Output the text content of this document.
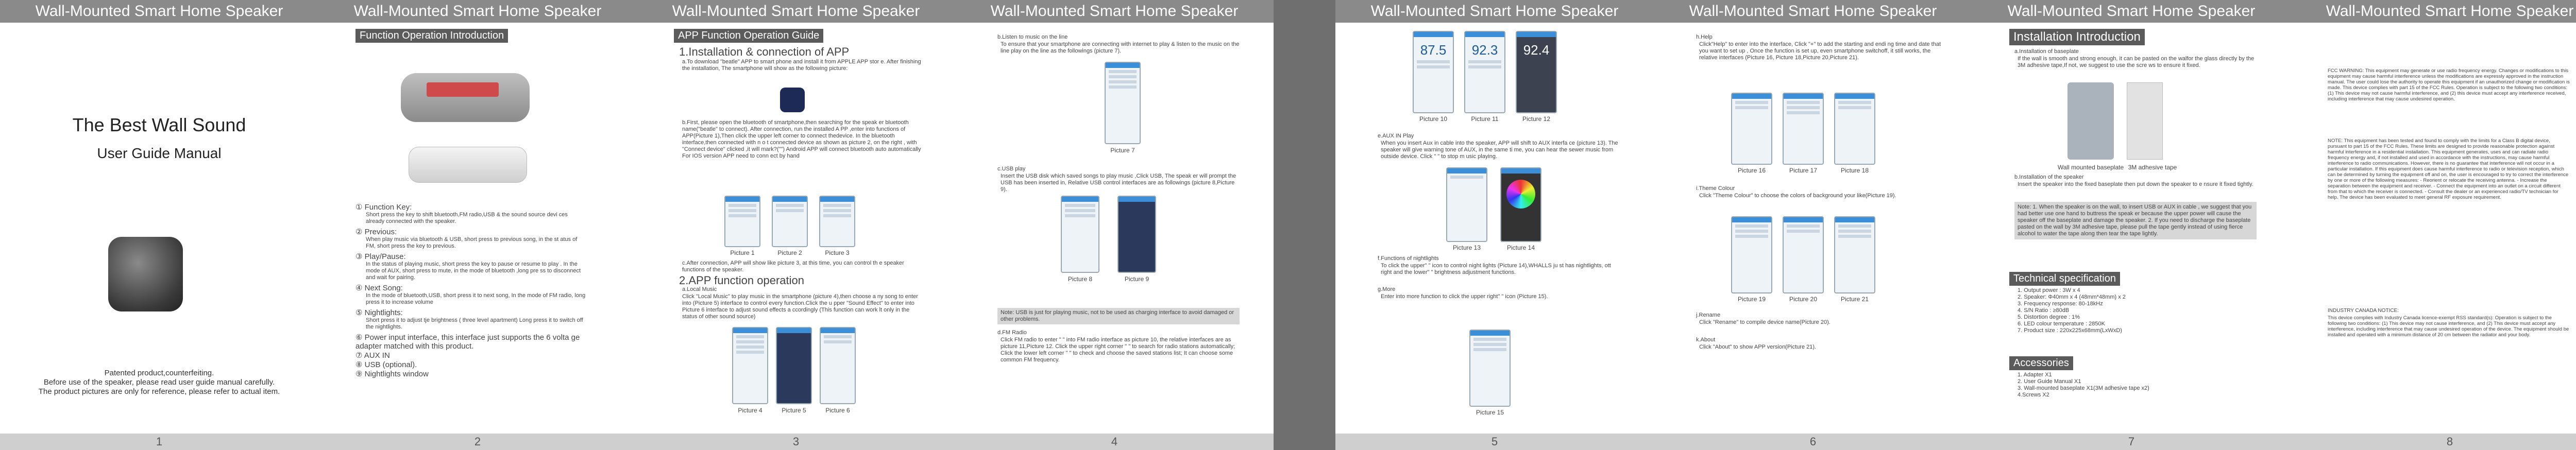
Wall-Mounted Smart Home Speaker
The Best Wall Sound
User Guide Manual
Patented product,counterfeiting.
Before use of the speaker, please read user guide manual carefully.
The product pictures are only for reference, please refer to actual item.
1
Wall-Mounted Smart Home Speaker
Function Operation Introduction
① Function Key:
Short press the key to shift bluetooth,FM radio,USB & the sound source devi ces already connected with the speaker.
② Previous:
When play music via bluetooth & USB, short press to previous song, in the st atus of FM, short press the key to previous.
③ Play/Pause:
In the status of playing music, short press the key to pause or resume to play . In the mode of AUX, short press to mute, in the mode of bluetooth ,long pre ss to disconnect and wait for pairing.
④ Next Song:
In the mode of bluetooth,USB, short press it to next song, In the mode of FM radio, long press it to increase volume
⑤ Nightlights:
Short press it to adjust tje brightness ( three level apartment) Long press it to switch off the nightlights.
⑥ Power input interface, this interface just supports the 6 volta ge adapter matched with this product.
⑦ AUX IN
⑧ USB (optional).
⑨ Nightlights window
2
Wall-Mounted Smart Home Speaker
APP Function Operation Guide
1.Installation & connection of APP
a.To download "beatle" APP to smart phone and install it from APPLE APP stor e. After finishing the installation, The smartphone will show as the following picture:
b.First, please open the bluetooth of smartphone,then searching for the speak er bluetooth name("beatle" to connect). After connection, run the installed A PP ,enter into functions of APP(Picture 1),Then click the upper left corner to connect thedevice. In the bluetooth interface,then connected with n o t connected device as shown as picture 2, on the right , with "Connect device" clicked ,it will mark?("") Android APP will connect bluetooth auto automatically For IOS version APP need to conn ect by hand
Picture 1	Picture 2	Picture 3
c.After connection, APP will show like picture 3, at this time, you can control th e speaker functions of the speaker.
2.APP function operation
a.Local Music
Click "Local Music" to play music in the smartphone (picture 4),then choose a ny song to enter into (Picture 5) interface to control every function.Click the u pper "Sound Effect" to enter into Picture 6 interface to adjust sound effects a ccordingly (This function can work lt only in the status of other sound source)
Picture 4	Picture 5	Picture 6
3
Wall-Mounted Smart Home Speaker
b.Listen to music on the line
To ensure that your smartphone are connecting with internet to play & listen to the music on the line play on the line as the followings (picture 7).
Picture 7
c.USB play
Insert the USB disk which saved songs to play music ,Click USB, The speak er will prompt the USB has been inserted in, Relative USB control interfaces are as followings (picture 8,Picture 9).
Picture 8	Picture 9
Note: USB is just for playing music, not to be used as charging interface to avoid damaged or other problems.
d.FM Radio
Click FM radio to enter " " into FM radio interface as picture 10, the relative interfaces are as picture 11,Picture 12. Click the upper right corner " " to search for radio stations automatically; Click the lower left corner " " to check and choose the saved stations list; It can choose some common FM frequency.
4
Wall-Mounted Smart Home Speaker
87.5	92.3	92.4
Picture 10	Picture 11	Picture 12
e.AUX IN Play
When you insert Aux in cable into the speaker, APP will shift to AUX interfa ce (picture 13). The speaker will give warning tone of AUX, in the same ti me, you can hear the sewer music from outside device. Click " " to stop m usic playing.
Picture 13	Picture 14
f.Functions of nightlights
To click the upper" " icon to control night lights (Picture 14),WHALLS ju st has nightlights, ott right and the lower" " brightness adjustment functions.
g.More
Enter into more function to click the upper right" " icon (Picture 15).
Picture 15
5
Wall-Mounted Smart Home Speaker
h.Help
Click"Help" to enter into the interface, Click "+" to add the starting and endi ng time and date that you want to set up , Once the function is set up, even smartphone switchoff, it still works, the relative interfaces (Picture 16, Picture 18,Picture 20,Picture 21).
Picture 16	Picture 17	Picture 18
i.Theme Colour
Click "Theme Colour" to choose the colors of background your like(Picture 19).
Picture 19	Picture 20	Picture 21
j.Rename
Click "Rename" to compile device name(Picture 20).
k.About
Click "About" to show APP version(Picture 21).
6
Wall-Mounted Smart Home Speaker
Installation Introduction
a.Installation of baseplate
If the wall is smooth and strong enough, it can be pasted on the walfor the glass directly by the 3M adhesive tape,If not, we suggest to use the scre ws to ensure it fixed.
Wall mounted baseplate 3M adhesive tape
b.Installation of the speaker
Insert the speaker into the fixed baseplate then put down the speaker to e nsure it fixed tightly.
Note: 1. When the speaker is on the wall, to insert USB or AUX in cable , we suggest that you had better use one hand to buttress the speak er because the upper power will cause the speaker off the baseplate and damage the speaker. 2. If you need to discharge the baseplate pasted on the wall by 3M adhesive tape, please pull the tape gently instead of using fierce alcohol to water the tape along then tear the tape lightly.
Technical specification
1. Output power : 3W x 4
2. Speaker: Φ40mm x 4 (48mm*48mm) x 2
3. Frequency response: 80-18kHz
4. S/N Ratio : ≥80dB
5. Distortion degree : 1%
6. LED colour temperature : 2850K
7. Product size : 220x225x68mm(LxWxD)
Accessories
1. Adapter X1
2. User Guide Manual X1
3. Wall-mounted baseplate X1(3M adhesive tape x2)
4.Screws X2
7
Wall-Mounted Smart Home Speaker
FCC WARNING: This equipment may generate or use radio frequency energy. Changes or modifications to this equipment may cause harmful interference unless the modifications are expressly approved in the instruction manual. The user could lose the authority to operate this equipment if an unauthorized change or modification is made. This device complies with part 15 of the FCC Rules. Operation is subject to the following two conditions: (1) This device may not cause harmful interference, and (2) this device must accept any interference received, including interference that may cause undesired operation.
NOTE: This equipment has been tested and found to comply with the limits for a Class B digital device, pursuant to part 15 of the FCC Rules. These limits are designed to provide reasonable protection against harmful interference in a residential installation. This equipment generates, uses and can radiate radio frequency energy and, if not installed and used in accordance with the instructions, may cause harmful interference to radio communications. However, there is no guarantee that interference will not occur in a particular installation. If this equipment does cause harmful interference to radio or television reception, which can be determined by turning the equipment off and on, the user is encouraged to try to correct the interference by one or more of the following measures: - Reorient or relocate the receiving antenna. - Increase the separation between the equipment and receiver. - Connect the equipment into an outlet on a circuit different from that to which the receiver is connected. - Consult the dealer or an experienced radio/TV technician for help. The device has been evaluated to meet general RF exposure requirement.
INDUSTRY CANADA NOTICE:
This device complies with Industry Canada licence-exempt RSS standard(s): Operation is subject to the following two conditions: (1) This device may not cause interference, and (2) This device must accept any interference, including interference that may cause undesired operation of the device. The equipment should be installed and operated with a minimum distance of 20 cm between the radiator and your body.
8
